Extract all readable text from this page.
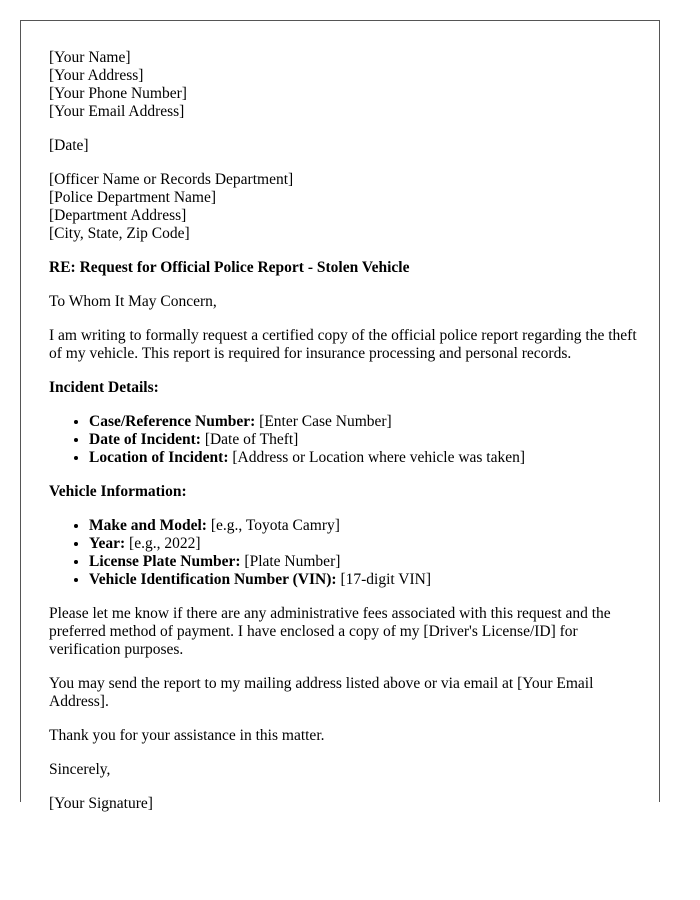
[Your Name]
[Your Address]
[Your Phone Number]
[Your Email Address]

[Date]

[Officer Name or Records Department]
[Police Department Name]
[Department Address]
[City, State, Zip Code]

RE: Request for Official Police Report - Stolen Vehicle

To Whom It May Concern,

I am writing to formally request a certified copy of the official police report regarding the theft of my vehicle. This report is required for insurance processing and personal records.

Incident Details:

• Case/Reference Number: [Enter Case Number]
• Date of Incident: [Date of Theft]
• Location of Incident: [Address or Location where vehicle was taken]

Vehicle Information:

• Make and Model: [e.g., Toyota Camry]
• Year: [e.g., 2022]
• License Plate Number: [Plate Number]
• Vehicle Identification Number (VIN): [17-digit VIN]

Please let me know if there are any administrative fees associated with this request and the preferred method of payment. I have enclosed a copy of my [Driver's License/ID] for verification purposes.

You may send the report to my mailing address listed above or via email at [Your Email Address].

Thank you for your assistance in this matter.

Sincerely,

[Your Signature]
